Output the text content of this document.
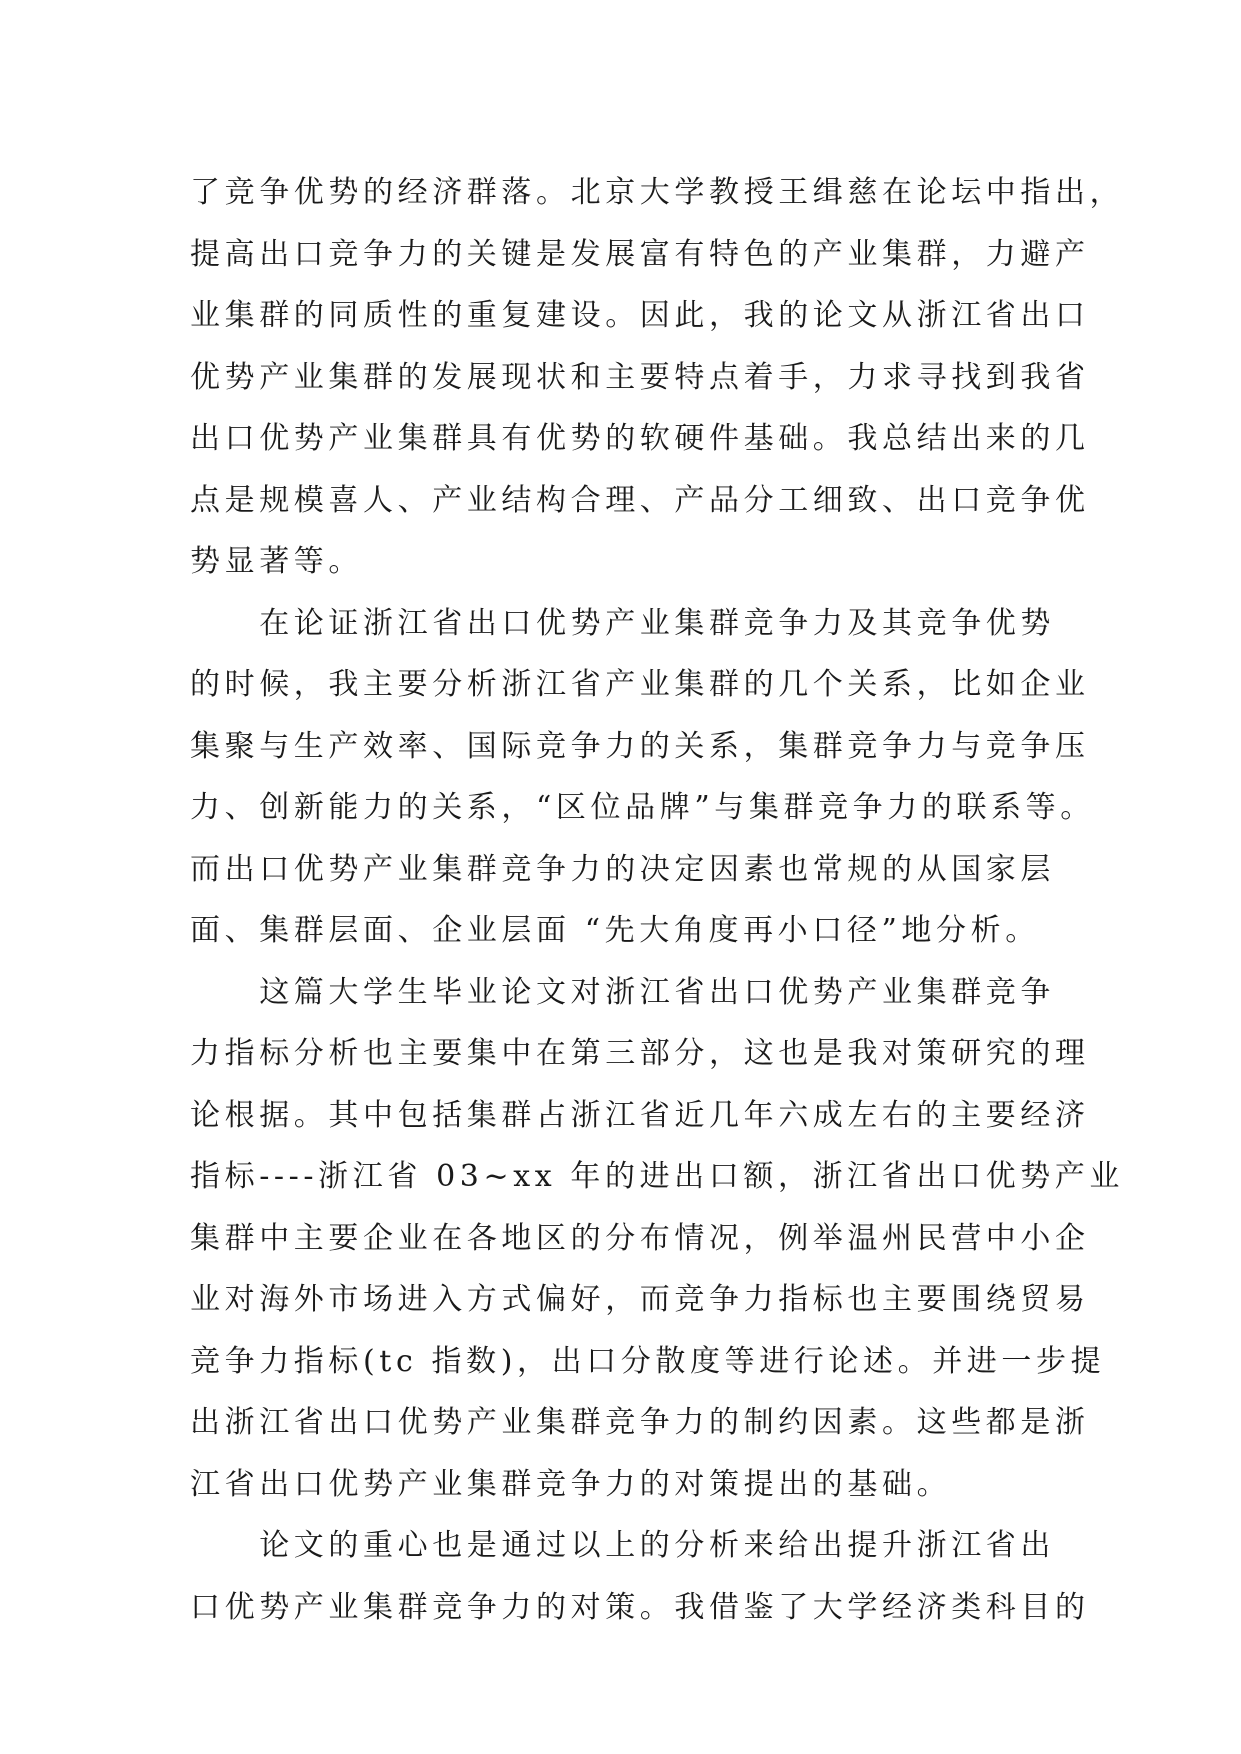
了竞争优势的经济群落。北京大学教授王缉慈在论坛中指出，
提高出口竞争力的关键是发展富有特色的产业集群，力避产
业集群的同质性的重复建设。因此，我的论文从浙江省出口
优势产业集群的发展现状和主要特点着手，力求寻找到我省
出口优势产业集群具有优势的软硬件基础。我总结出来的几
点是规模喜人、产业结构合理、产品分工细致、出口竞争优
势显著等。
　　在论证浙江省出口优势产业集群竞争力及其竞争优势
的时候，我主要分析浙江省产业集群的几个关系，比如企业
集聚与生产效率、国际竞争力的关系，集群竞争力与竞争压
力、创新能力的关系，“区位品牌”与集群竞争力的联系等。
而出口优势产业集群竞争力的决定因素也常规的从国家层
面、集群层面、企业层面 “先大角度再小口径”地分析。
　　这篇大学生毕业论文对浙江省出口优势产业集群竞争
力指标分析也主要集中在第三部分，这也是我对策研究的理
论根据。其中包括集群占浙江省近几年六成左右的主要经济
指标----浙江省 03~xx 年的进出口额，浙江省出口优势产业
集群中主要企业在各地区的分布情况，例举温州民营中小企
业对海外市场进入方式偏好，而竞争力指标也主要围绕贸易
竞争力指标(tc 指数)，出口分散度等进行论述。并进一步提
出浙江省出口优势产业集群竞争力的制约因素。这些都是浙
江省出口优势产业集群竞争力的对策提出的基础。
　　论文的重心也是通过以上的分析来给出提升浙江省出
口优势产业集群竞争力的对策。我借鉴了大学经济类科目的
